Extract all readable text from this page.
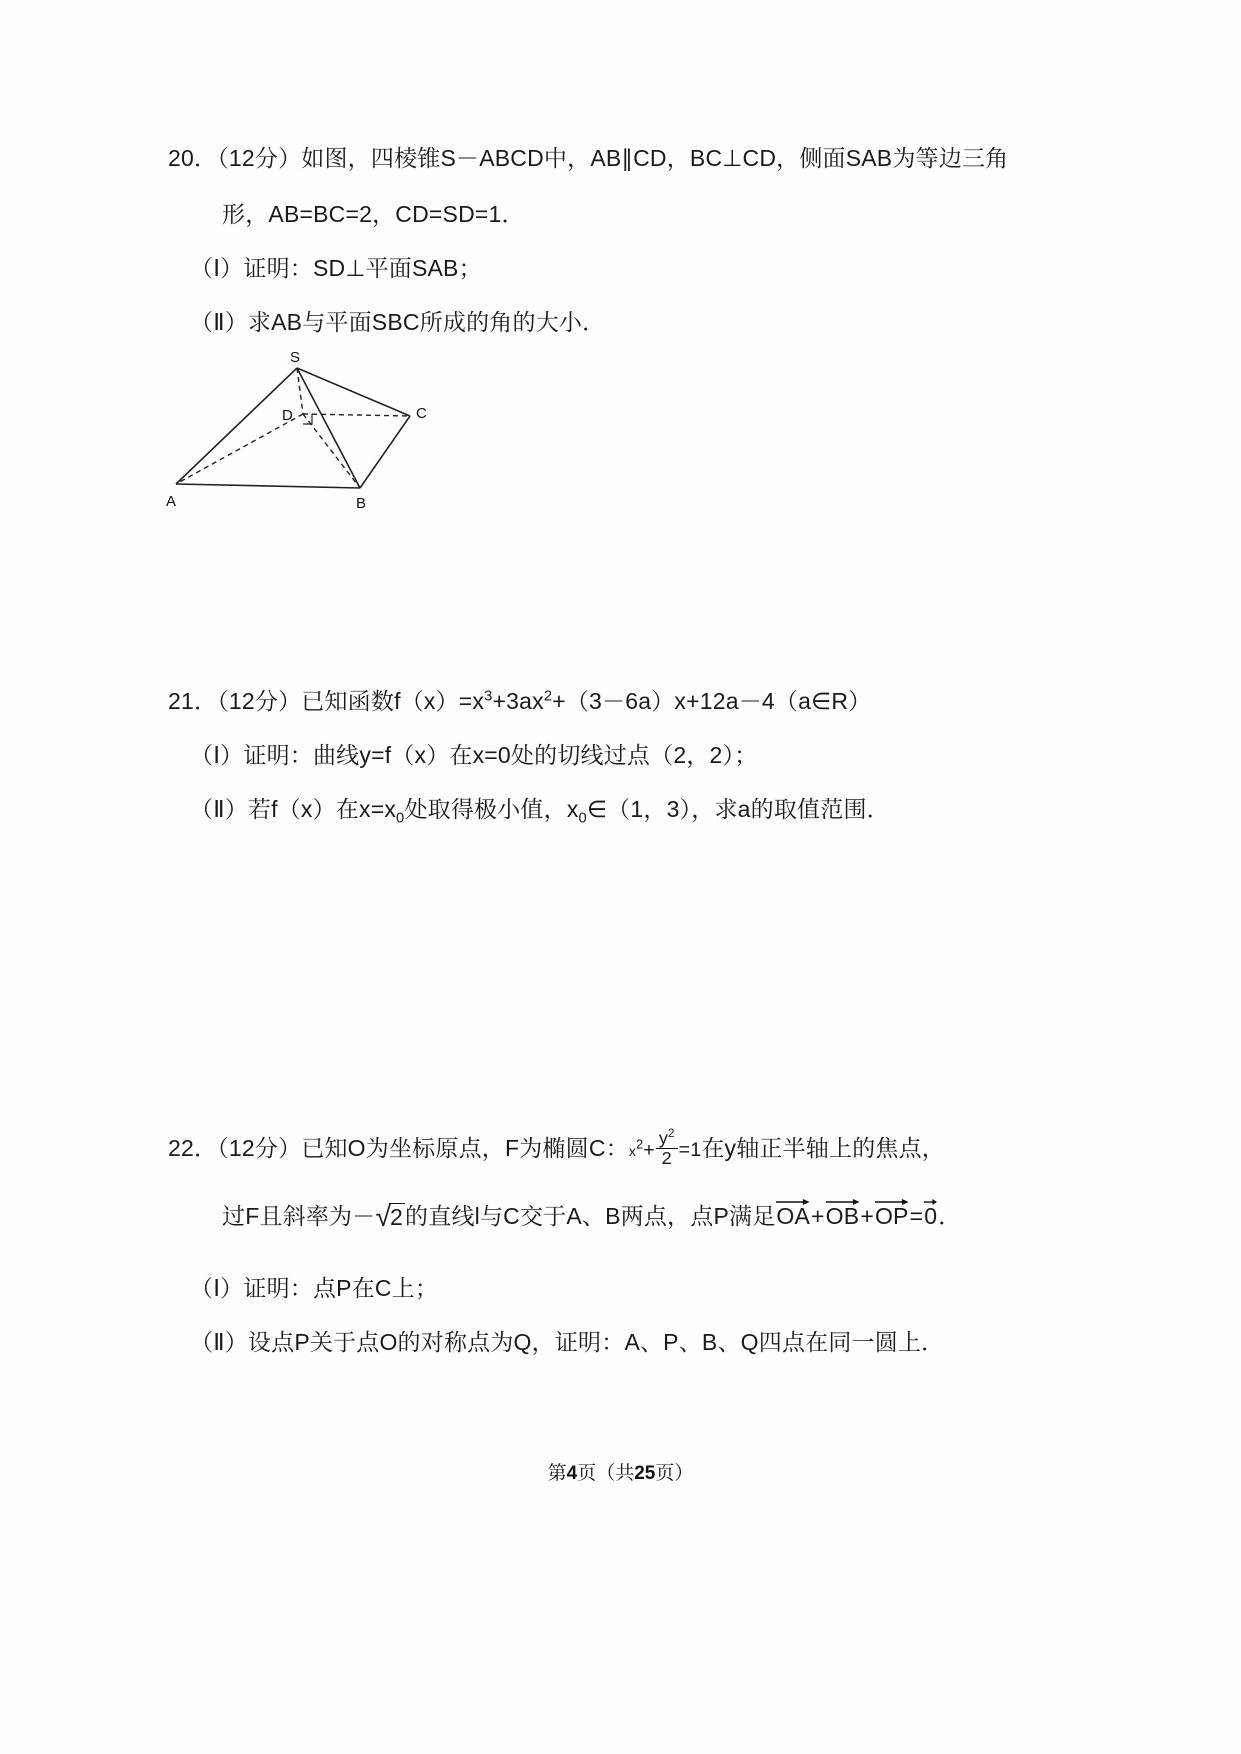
20．（12分）如图，四棱锥S－ABCD中，AB∥CD，BC⊥CD，侧面SAB为等边三角
形，AB=BC=2，CD=SD=1．
（Ⅰ）证明：SD⊥平面SAB；
（Ⅱ）求AB与平面SBC所成的角的大小．
S
D	C
A	B
21．（12分）已知函数$f(x)=x^3+3ax^2+(3-6a)x+12a-4(a\in R)$
（Ⅰ）证明：曲线y=f（x）在x=0处的切线过点（2，2）；
（Ⅱ）若f（x）在$x=x_0$处取得极小值，$x_0\in(1$，3），求a的取值范围．
22．（12分）已知O为坐标原点，F为椭圆C：$x^2+ \frac{y^2}{2} =1$在y轴正半轴上的焦点，
过F且斜率为－√2的直线l与C交于A、B两点，点P满足
OA+
OB+
OP=
0．
（Ⅰ）证明：点P在C上；
（Ⅱ）设点P关于点O的对称点为Q，证明：A、P、B、Q四点在同一圆上．
第4页（共25页）
